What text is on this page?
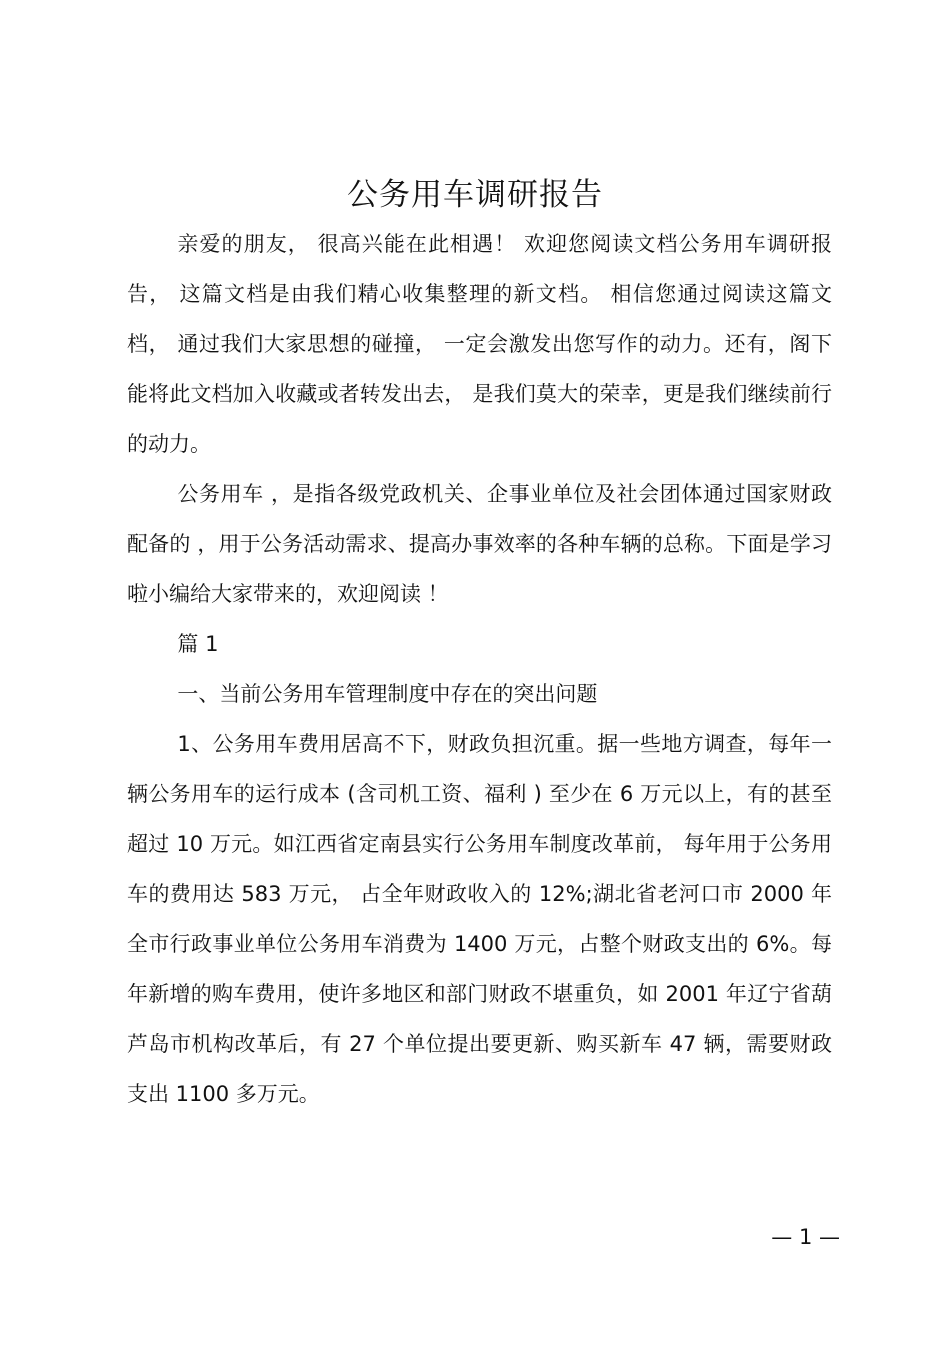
公务用车调研报告

亲爱的朋友， 很高兴能在此相遇！ 欢迎您阅读文档公务用车调研报告， 这篇文档是由我们精心收集整理的新文档。 相信您通过阅读这篇文档， 通过我们大家思想的碰撞， 一定会激发出您写作的动力。还有，阁下能将此文档加入收藏或者转发出去， 是我们莫大的荣幸，更是我们继续前行的动力。

公务用车 ，是指各级党政机关、企事业单位及社会团体通过国家财政配备的 ，用于公务活动需求、提高办事效率的各种车辆的总称。下面是学习啦小编给大家带来的，欢迎阅读 ！

篇 1

一、当前公务用车管理制度中存在的突出问题

1、公务用车费用居高不下，财政负担沉重。据一些地方调查，每年一辆公务用车的运行成本 (含司机工资、福利 ) 至少在 6 万元以上，有的甚至超过 10 万元。如江西省定南县实行公务用车制度改革前， 每年用于公务用车的费用达 583 万元， 占全年财政收入的 12%;湖北省老河口市 2000 年全市行政事业单位公务用车消费为 1400 万元，占整个财政支出的 6%。每年新增的购车费用，使许多地区和部门财政不堪重负，如 2001 年辽宁省葫芦岛市机构改革后，有 27 个单位提出要更新、购买新车 47 辆，需要财政支出 1100 多万元。

— 1 —
